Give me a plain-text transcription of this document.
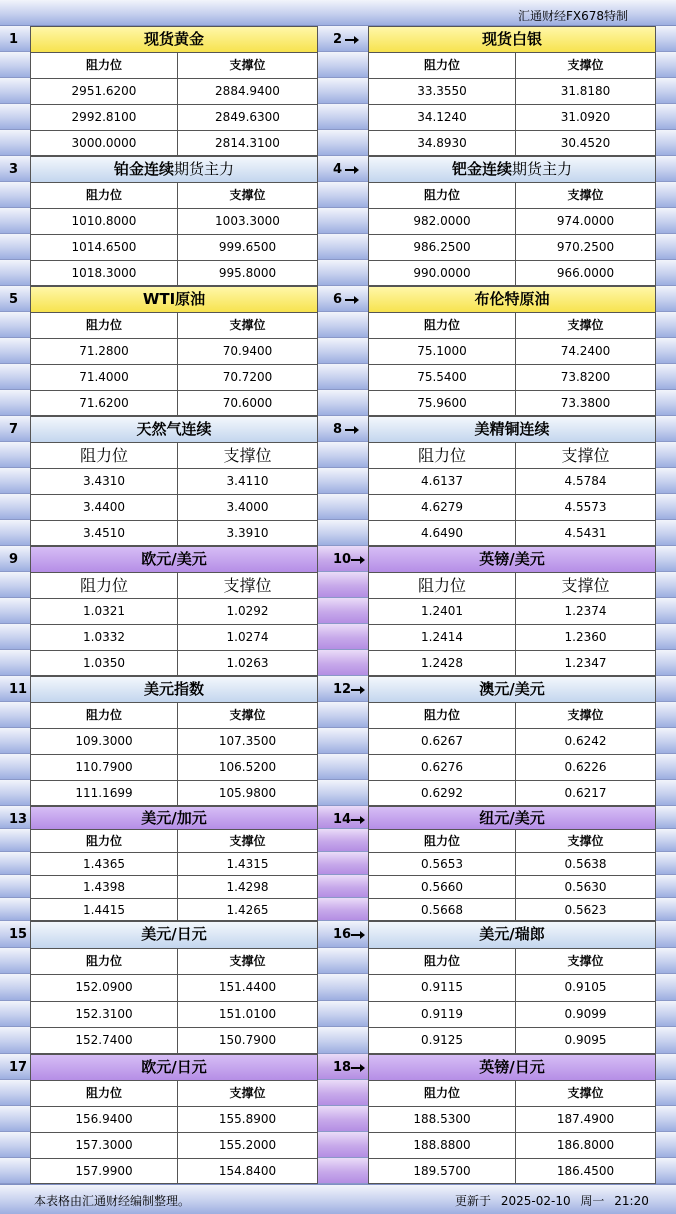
汇通财经FX678特制
1	2
现货黄金
阻力位	支撑位
2951.6200	2884.9400
2992.8100	2849.6300
3000.0000	2814.3100
现货白银
阻力位	支撑位
33.3550	31.8180
34.1240	31.0920
34.8930	30.4520
3	4
铂金连续期货主力
阻力位	支撑位
1010.8000	1003.3000
1014.6500	999.6500
1018.3000	995.8000
钯金连续期货主力
阻力位	支撑位
982.0000	974.0000
986.2500	970.2500
990.0000	966.0000
5	6
WTI原油
阻力位	支撑位
71.2800	70.9400
71.4000	70.7200
71.6200	70.6000
布伦特原油
阻力位	支撑位
75.1000	74.2400
75.5400	73.8200
75.9600	73.3800
7	8
天然气连续
阻力位	支撑位
3.4310	3.4110
3.4400	3.4000
3.4510	3.3910
美精铜连续
阻力位	支撑位
4.6137	4.5784
4.6279	4.5573
4.6490	4.5431
9	10
欧元/美元
阻力位	支撑位
1.0321	1.0292
1.0332	1.0274
1.0350	1.0263
英镑/美元
阻力位	支撑位
1.2401	1.2374
1.2414	1.2360
1.2428	1.2347
11	12
美元指数
阻力位	支撑位
109.3000	107.3500
110.7900	106.5200
111.1699	105.9800
澳元/美元
阻力位	支撑位
0.6267	0.6242
0.6276	0.6226
0.6292	0.6217
13	14
美元/加元
阻力位	支撑位
1.4365	1.4315
1.4398	1.4298
1.4415	1.4265
纽元/美元
阻力位	支撑位
0.5653	0.5638
0.5660	0.5630
0.5668	0.5623
15	16
美元/日元
阻力位	支撑位
152.0900	151.4400
152.3100	151.0100
152.7400	150.7900
美元/瑞郎
阻力位	支撑位
0.9115	0.9105
0.9119	0.9099
0.9125	0.9095
17	18
欧元/日元
阻力位	支撑位
156.9400	155.8900
157.3000	155.2000
157.9900	154.8400
英镑/日元
阻力位	支撑位
188.5300	187.4900
188.8800	186.8000
189.5700	186.4500
本表格由汇通财经编制整理。	更新于 2025-02-10 周一 21:20
